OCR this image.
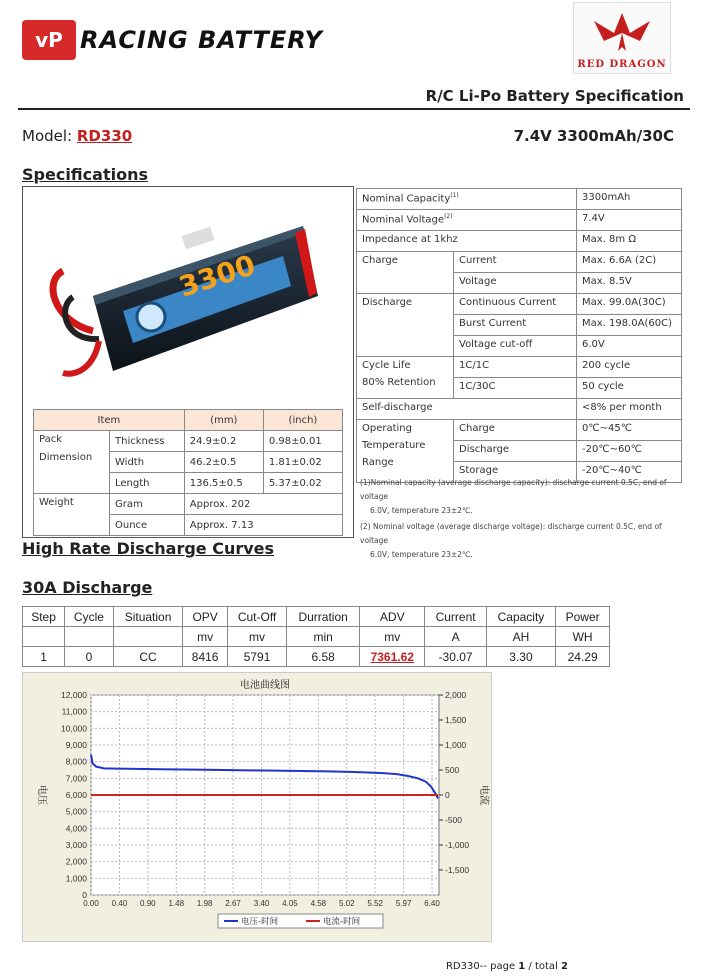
vP RACING BATTERY
RED DRAGON
R/C Li-Po Battery Specification
Model: RD330	7.4V 3300mAh/30C
Specifications
3300
Item		(mm)	(inch)

Pack
Dimension	Thickness	24.9±0.2	0.98±0.01
	Width	46.2±0.5	1.81±0.02
	Length	136.5±0.5	5.37±0.02
Weight	Gram	Approx. 202	
	Ounce	Approx. 7.13	
Nominal Capacity$^{(1)}$		3300mAh
Nominal Voltage$^{(2)}$		7.4V
Impedance at 1khz		Max. 8m Ω
Charge	Current	Max. 6.6A (2C)
	Voltage	Max. 8.5V
Discharge	Continuous Current	Max. 99.0A(30C)
	Burst Current	Max. 198.0A(60C)
	Voltage cut-off	6.0V

Cycle Life
80% Retention	1C/1C	200 cycle
	1C/30C	50 cycle
Self-discharge		<8% per month

Operating
Temperature
Range	Charge	0℃~45℃
	Discharge	-20℃~60℃
	Storage	-20℃~40℃
(1)Nominal capacity (average discharge capacity): discharge current 0.5C, end of voltage
6.0V, temperature 23±2℃.
(2) Nominal voltage (average discharge voltage): discharge current 0.5C, end of voltage
6.0V, temperature 23±2℃.
High Rate Discharge Curves
30A Discharge
Step	Cycle	Situation	OPV	Cut-Off	Durration	ADV	Current	Capacity	Power
			mv	mv	min	mv	A	AH	WH
1	0	CC	8416	5791	6.58	7361.62	-30.07	3.30	24.29
12,000
11,000
10,000
9,000
8,000
7,000
6,000
5,000
4,000
3,000
2,000
1,000
0
2,000
1,500
1,000
500
0
-500
-1,000
-1,500
0.00 0.40 0.90 1.48 1.98 2.67 3.40 4.05 4.58 5.02 5.52 5.97 6.40
电池曲线图
电压	电流
电压-时间	电流-时间
RD330-- page 1 / total 2
